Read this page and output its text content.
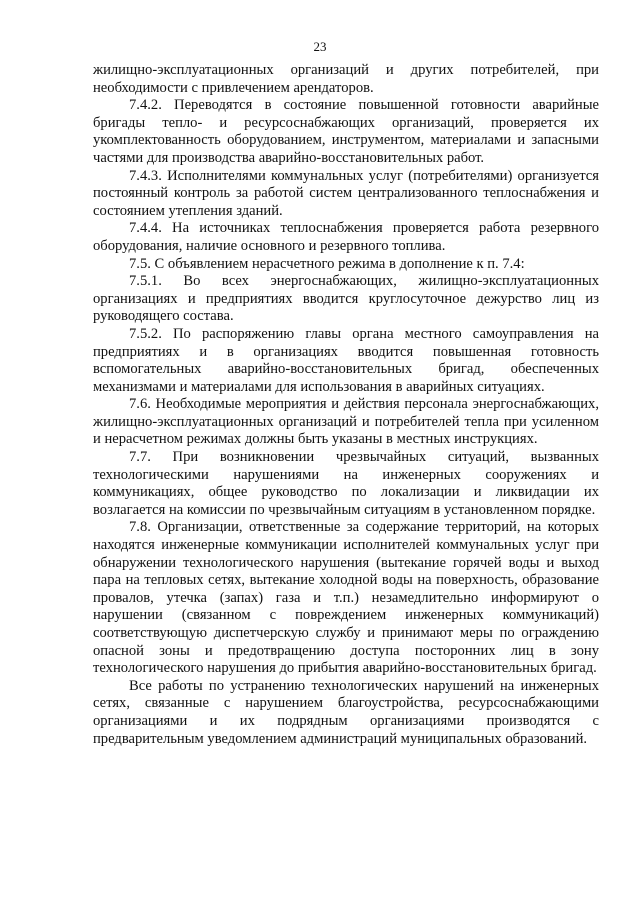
23

жилищно-эксплуатационных организаций и других потребителей, при необходимости с привлечением арендаторов.

7.4.2. Переводятся в состояние повышенной готовности аварийные бригады тепло- и ресурсоснабжающих организаций, проверяется их укомплектованность оборудованием, инструментом, материалами и запасными частями для производства аварийно-восстановительных работ.

7.4.3. Исполнителями коммунальных услуг (потребителями) организуется постоянный контроль за работой систем централизованного теплоснабжения и состоянием утепления зданий.

7.4.4. На источниках теплоснабжения проверяется работа резервного оборудования, наличие основного и резервного топлива.

7.5. С объявлением нерасчетного режима в дополнение к п. 7.4:

7.5.1. Во всех энергоснабжающих, жилищно-эксплуатационных организациях и предприятиях вводится круглосуточное дежурство лиц из руководящего состава.

7.5.2. По распоряжению главы органа местного самоуправления на предприятиях и в организациях вводится повышенная готовность вспомогательных аварийно-восстановительных бригад, обеспеченных механизмами и материалами для использования в аварийных ситуациях.

7.6. Необходимые мероприятия и действия персонала энергоснабжающих, жилищно-эксплуатационных организаций и потребителей тепла при усиленном и нерасчетном режимах должны быть указаны в местных инструкциях.

7.7. При возникновении чрезвычайных ситуаций, вызванных технологическими нарушениями на инженерных сооружениях и коммуникациях, общее руководство по локализации и ликвидации их возлагается на комиссии по чрезвычайным ситуациям в установленном порядке.

7.8. Организации, ответственные за содержание территорий, на которых находятся инженерные коммуникации исполнителей коммунальных услуг при обнаружении технологического нарушения (вытекание горячей воды и выход пара на тепловых сетях, вытекание холодной воды на поверхность, образование провалов, утечка (запах) газа и т.п.) незамедлительно информируют о нарушении (связанном с повреждением инженерных коммуникаций) соответствующую диспетчерскую службу и принимают меры по ограждению опасной зоны и предотвращению доступа посторонних лиц в зону технологического нарушения до прибытия аварийно-восстановительных бригад.

Все работы по устранению технологических нарушений на инженерных сетях, связанные с нарушением благоустройства, ресурсоснабжающими организациями и их подрядным организациями производятся с предварительным уведомлением администраций муниципальных образований.
